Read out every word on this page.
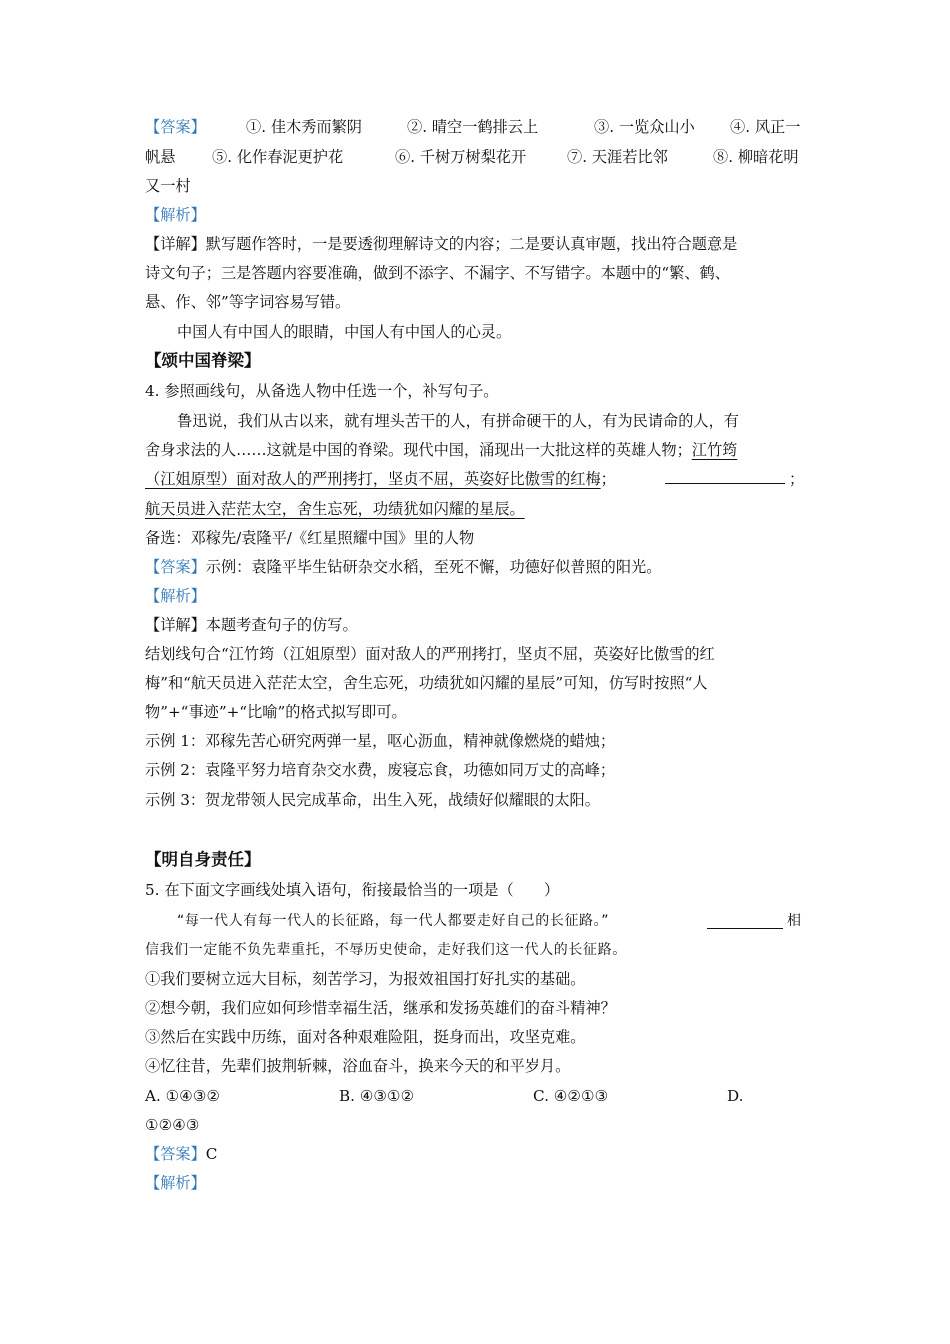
【答案】	①. 佳木秀而繁阴	②. 晴空一鹤排云上	③. 一览众山小 ④. 风正一
帆悬 ⑤. 化作春泥更护花	⑥. 千树万树梨花开	⑦. 天涯若比邻	⑧. 柳暗花明
又一村
【解析】
【详解】默写题作答时，一是要透彻理解诗文的内容；二是要认真审题，找出符合题意是
诗文句子；三是答题内容要准确，做到不添字、不漏字、不写错字。本题中的“繁、鹤、
悬、作、邻”等字词容易写错。
中国人有中国人的眼睛，中国人有中国人的心灵。
【颂中国脊梁】
4. 参照画线句，从备选人物中任选一个，补写句子。
鲁迅说，我们从古以来，就有埋头苦干的人，有拼命硬干的人，有为民请命的人，有
舍身求法的人……这就是中国的脊梁。现代中国，涌现出一大批这样的英雄人物；江竹筠
（江姐原型）面对敌人的严刑拷打，坚贞不屈，英姿好比傲雪的红梅；	；
航天员进入茫茫太空，舍生忘死，功绩犹如闪耀的星辰。
备选：邓稼先/袁隆平/《红星照耀中国》里的人物
【答案】示例：袁隆平毕生钻研杂交水稻，至死不懈，功德好似普照的阳光。
【解析】
【详解】本题考查句子的仿写。
结划线句合“江竹筠（江姐原型）面对敌人的严刑拷打，坚贞不屈，英姿好比傲雪的红
梅”和“航天员进入茫茫太空，舍生忘死，功绩犹如闪耀的星辰”可知，仿写时按照“人
物”+“事迹”+“比喻”的格式拟写即可。
示例 1：邓稼先苦心研究两弹一星，呕心沥血，精神就像燃烧的蜡烛；
示例 2：袁隆平努力培育杂交水费，废寝忘食，功德如同万丈的高峰；
示例 3：贺龙带领人民完成革命，出生入死，战绩好似耀眼的太阳。
【明自身责任】
5. 在下面文字画线处填入语句，衔接最恰当的一项是（　　）
“每一代人有每一代人的长征路，每一代人都要走好自己的长征路。”	相
信我们一定能不负先辈重托，不辱历史使命，走好我们这一代人的长征路。
①我们要树立远大目标，刻苦学习，为报效祖国打好扎实的基础。
②想今朝，我们应如何珍惜幸福生活，继承和发扬英雄们的奋斗精神？
③然后在实践中历练，面对各种艰难险阻，挺身而出，攻坚克难。
④忆往昔，先辈们披荆斩棘，浴血奋斗，换来今天的和平岁月。
A. ①④③②	B. ④③①②	C. ④②①③	D.
①②④③
【答案】C
【解析】
